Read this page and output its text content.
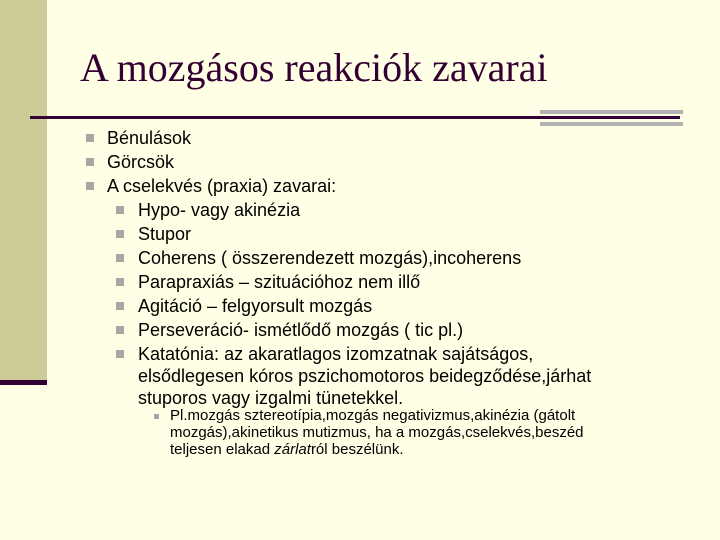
A mozgásos reakciók zavarai
Bénulások
Görcsök
A cselekvés (praxia) zavarai:
Hypo- vagy akinézia
Stupor
Coherens ( összerendezett mozgás),incoherens
Parapraxiás – szituációhoz nem illő
Agitáció – felgyorsult mozgás
Perseveráció- ismétlődő mozgás ( tic pl.)
Katatónia: az akaratlagos izomzatnak sajátságos,
elsődlegesen kóros pszichomotoros beidegződése,járhat
stuporos vagy izgalmi tünetekkel.
Pl.mozgás sztereotípia,mozgás negativizmus,akinézia (gátolt
mozgás),akinetikus mutizmus, ha a mozgás,cselekvés,beszéd
teljesen elakad zárlatról beszélünk.
